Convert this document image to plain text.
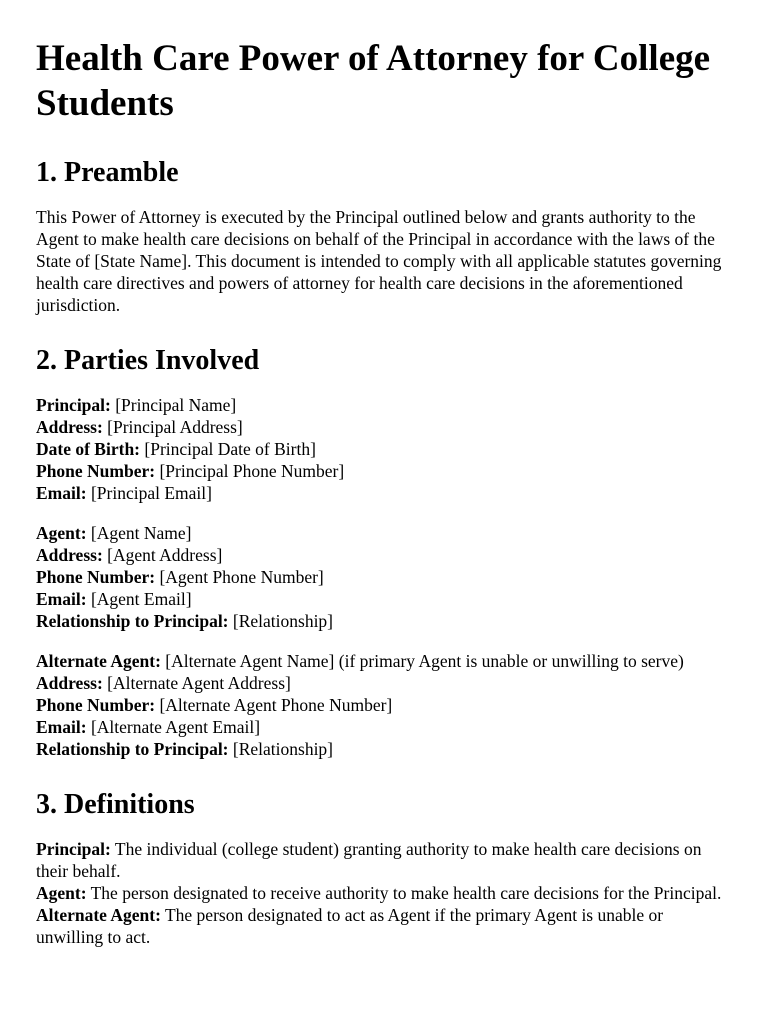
Health Care Power of Attorney for College Students
1. Preamble

This Power of Attorney is executed by the Principal outlined below and grants authority to the Agent to make health care decisions on behalf of the Principal in accordance with the laws of the State of [State Name]. This document is intended to comply with all applicable statutes governing health care directives and powers of attorney for health care decisions in the aforementioned jurisdiction.

2. Parties Involved

Principal: [Principal Name]

Address: [Principal Address]

Date of Birth: [Principal Date of Birth]

Phone Number: [Principal Phone Number]

Email: [Principal Email]

Agent: [Agent Name]

Address: [Agent Address]

Phone Number: [Agent Phone Number]

Email: [Agent Email]

Relationship to Principal: [Relationship]

Alternate Agent: [Alternate Agent Name] (if primary Agent is unable or unwilling to serve)

Address: [Alternate Agent Address]

Phone Number: [Alternate Agent Phone Number]

Email: [Alternate Agent Email]

Relationship to Principal: [Relationship]

3. Definitions

Principal: The individual (college student) granting authority to make health care decisions on their behalf.

Agent: The person designated to receive authority to make health care decisions for the Principal.

Alternate Agent: The person designated to act as Agent if the primary Agent is unable or unwilling to act.
